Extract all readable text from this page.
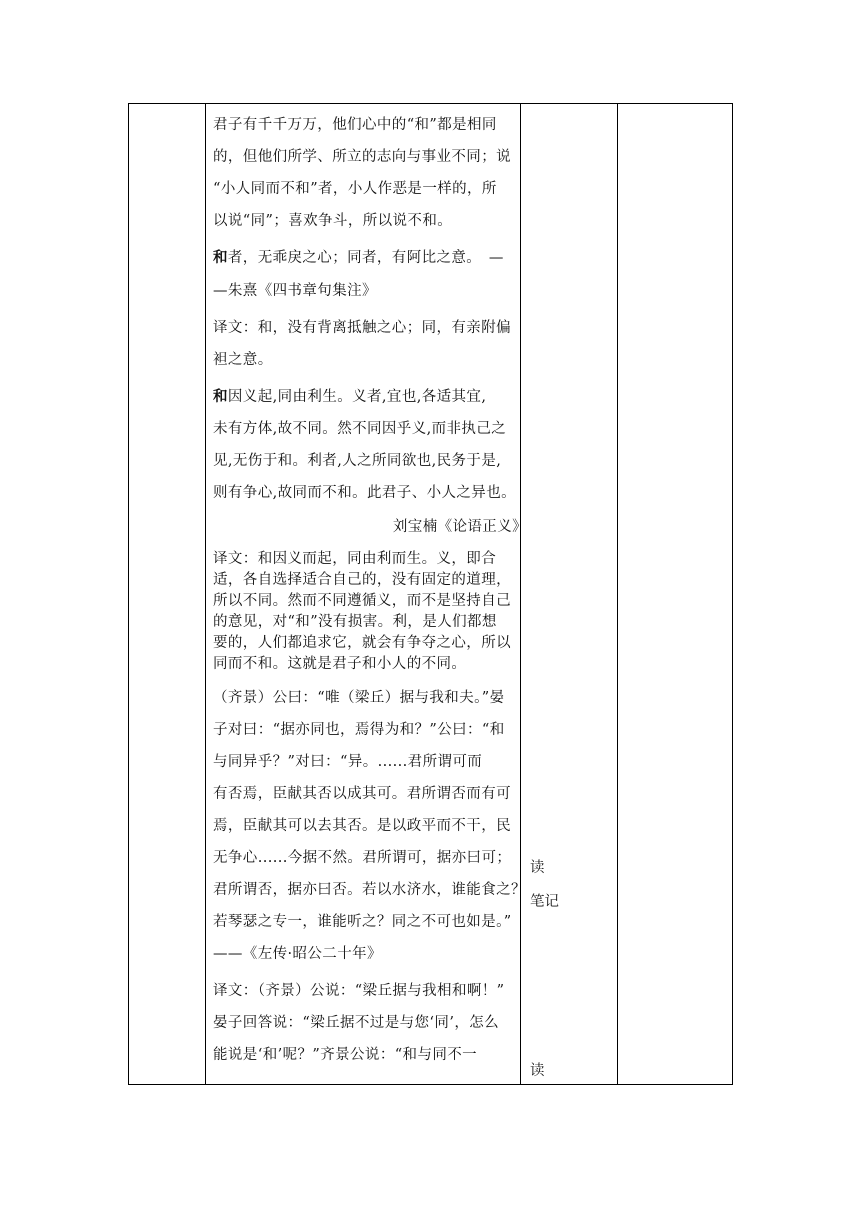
君子有千千万万，他们心中的“和”都是相同
的，但他们所学、所立的志向与事业不同；说
“小人同而不和”者，小人作恶是一样的，所
以说“同”；喜欢争斗，所以说不和。
和者，无乖戾之心；同者，有阿比之意。　—
—朱熹《四书章句集注》
译文：和，没有背离抵触之心；同，有亲附偏
袒之意。
和因义起,同由利生。义者,宜也,各适其宜,
未有方体,故不同。然不同因乎义,而非执己之
见,无伤于和。利者,人之所同欲也,民务于是,
则有争心,故同而不和。此君子、小人之异也。
刘宝楠《论语正义》
译文：和因义而起，同由利而生。义，即合
适，各自选择适合自己的，没有固定的道理，
所以不同。然而不同遵循义，而不是坚持自己
的意见，对“和”没有损害。利，是人们都想
要的，人们都追求它，就会有争夺之心，所以
同而不和。这就是君子和小人的不同。
（齐景）公曰：“唯（梁丘）据与我和夫。”晏
子对曰：“据亦同也，焉得为和？”公曰：“和
与同异乎？”对曰：“异。......君所谓可而
有否焉，臣献其否以成其可。君所谓否而有可
焉，臣献其可以去其否。是以政平而不干，民
无争心......今据不然。君所谓可，据亦曰可；
君所谓否，据亦曰否。若以水济水，谁能食之？
若琴瑟之专一，谁能听之？同之不可也如是。”
——《左传·昭公二十年》
译文：（齐景）公说：“梁丘据与我相和啊！”
晏子回答说：“梁丘据不过是与您‘同’，怎么
能说是‘和’呢？”齐景公说：“和与同不一
读
笔记
读
